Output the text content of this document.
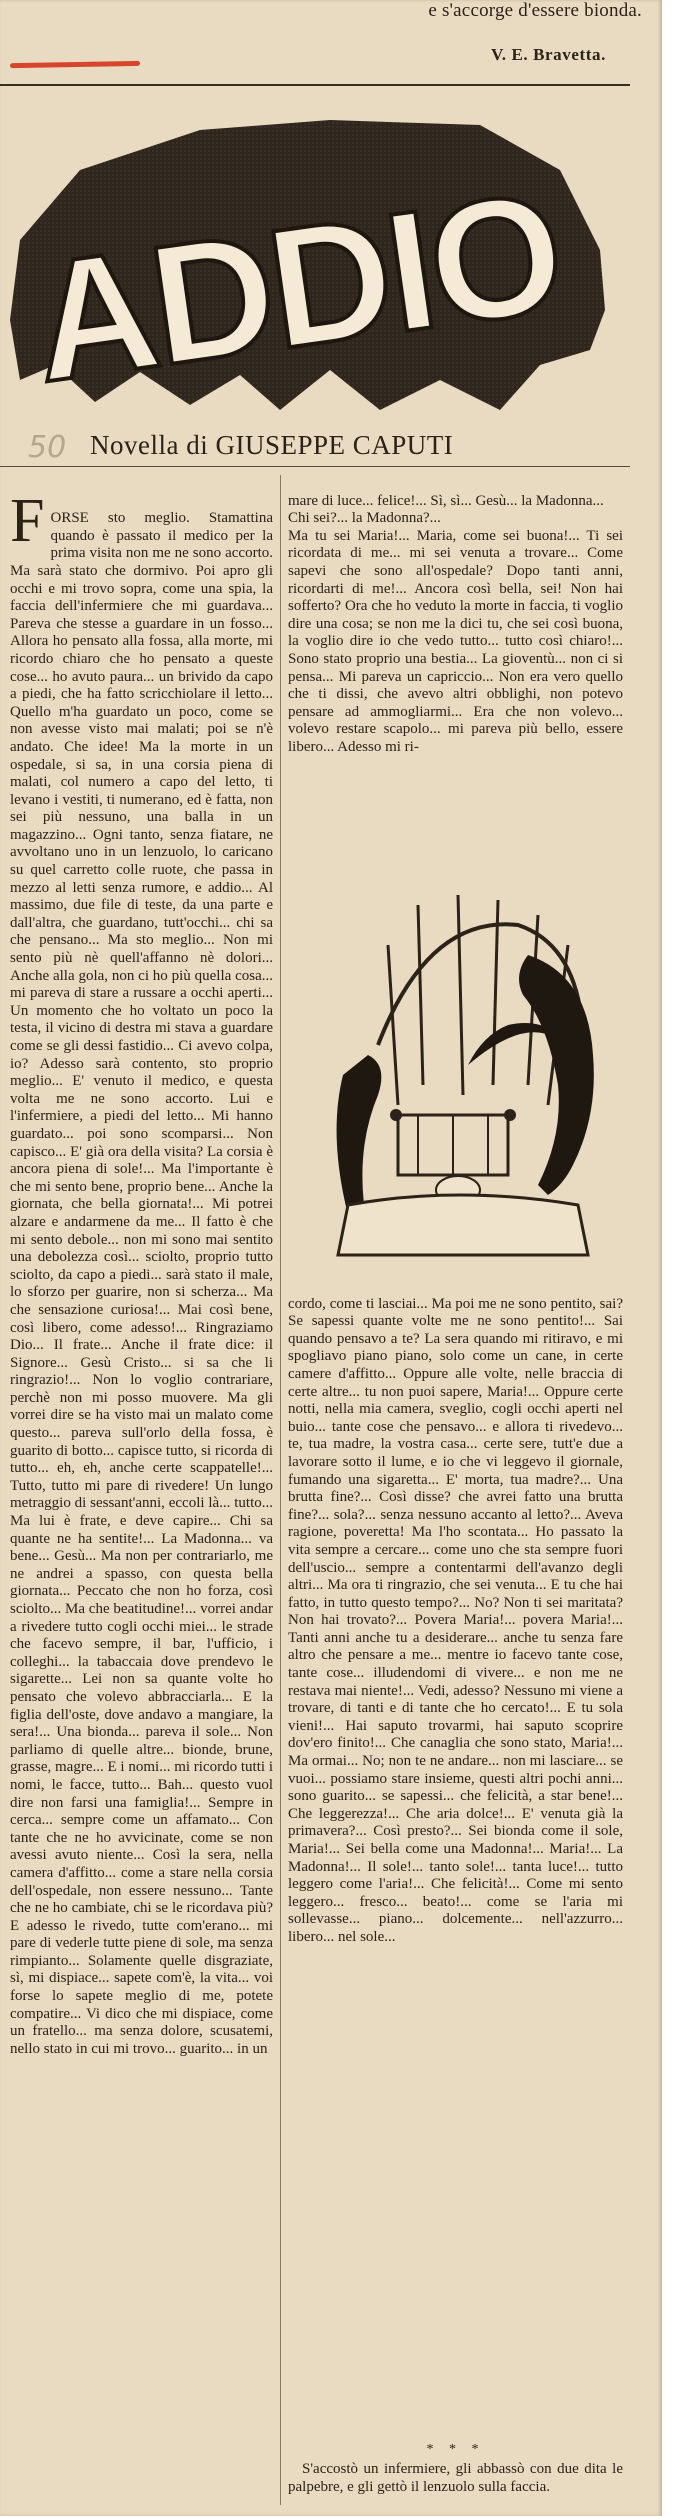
e s'accorge d'essere bionda.
V. E. Bravetta.
ADDIO
50 Novella di GIUSEPPE CAPUTI

F ORSE sto meglio. Stamattina quando è passato il medico per la prima visita non me ne sono accorto. Ma sarà stato che dormivo. Poi apro gli occhi e mi trovo sopra, come una spia, la faccia dell'infermiere che mi guardava... Pareva che stesse a guardare in un fosso... Allora ho pensato alla fossa, alla morte, mi ricordo chiaro che ho pensato a queste cose... ho avuto paura... un brivido da capo a piedi, che ha fatto scricchiolare il letto... Quello m'ha guardato un poco, come se non avesse visto mai malati; poi se n'è andato. Che idee! Ma la morte in un ospedale, si sa, in una corsia piena di malati, col numero a capo del letto, ti levano i vestiti, ti numerano, ed è fatta, non sei più nessuno, una balla in un magazzino... Ogni tanto, senza fiatare, ne avvoltano uno in un lenzuolo, lo caricano su quel carretto colle ruote, che passa in mezzo al letti senza rumore, e addio... Al massimo, due file di teste, da una parte e dall'altra, che guardano, tutt'occhi... chi sa che pensano... Ma sto meglio... Non mi sento più nè quell'affanno nè dolori... Anche alla gola, non ci ho più quella cosa... mi pareva di stare a russare a occhi aperti... Un momento che ho voltato un poco la testa, il vicino di destra mi stava a guardare come se gli dessi fastidio... Ci avevo colpa, io? Adesso sarà contento, sto proprio meglio... E' venuto il medico, e questa volta me ne sono accorto. Lui e l'infermiere, a piedi del letto... Mi hanno guardato... poi sono scomparsi... Non capisco... E' già ora della visita? La corsia è ancora piena di sole!... Ma l'importante è che mi sento bene, proprio bene... Anche la giornata, che bella giornata!... Mi potrei alzare e andarmene da me... Il fatto è che mi sento debole... non mi sono mai sentito una debolezza così... sciolto, proprio tutto sciolto, da capo a piedi... sarà stato il male, lo sforzo per guarire, non si scherza... Ma che sensazione curiosa!... Mai così bene, così libero, come adesso!... Ringraziamo Dio... Il frate... Anche il frate dice: il Signore... Gesù Cristo... si sa che li ringrazio!... Non lo voglio contrariare, perchè non mi posso muovere. Ma gli vorrei dire se ha visto mai un malato come questo... pareva sull'orlo della fossa, è guarito di botto... capisce tutto, si ricorda di tutto... eh, eh, anche certe scappatelle!... Tutto, tutto mi pare di rivedere! Un lungo metraggio di sessant'anni, eccoli là... tutto... Ma lui è frate, e deve capire... Chi sa quante ne ha sentite!... La Madonna... va bene... Gesù... Ma non per contrariarlo, me ne andrei a spasso, con questa bella giornata... Peccato che non ho forza, così sciolto... Ma che beatitudine!... vorrei andar a rivedere tutto cogli occhi miei... le strade che facevo sempre, il bar, l'ufficio, i colleghi... la tabaccaia dove prendevo le sigarette... Lei non sa quante volte ho pensato che volevo abbracciarla... E la figlia dell'oste, dove andavo a mangiare, la sera!... Una bionda... pareva il sole... Non parliamo di quelle altre... bionde, brune, grasse, magre... E i nomi... mi ricordo tutti i nomi, le facce, tutto... Bah... questo vuol dire non farsi una famiglia!... Sempre in cerca... sempre come un affamato... Con tante che ne ho avvicinate, come se non avessi avuto niente... Così la sera, nella camera d'affitto... come a stare nella corsia dell'ospedale, non essere nessuno... Tante che ne ho cambiate, chi se le ricordava più? E adesso le rivedo, tutte com'erano... mi pare di vederle tutte piene di sole, ma senza rimpianto... Solamente quelle disgraziate, sì, mi dispiace... sapete com'è, la vita... voi forse lo sapete meglio di me, potete compatire... Vi dico che mi dispiace, come un fratello... ma senza dolore, scusatemi, nello stato in cui mi trovo... guarito... in un

mare di luce... felice!... Sì, sì... Gesù... la Madonna...
Chi sei?... la Madonna?...
Ma tu sei Maria!... Maria, come sei buona!... Ti sei ricordata di me... mi sei venuta a trovare... Come sapevi che sono all'ospedale? Dopo tanti anni, ricordarti di me!... Ancora così bella, sei! Non hai sofferto? Ora che ho veduto la morte in faccia, ti voglio dire una cosa; se non me la dici tu, che sei così buona, la voglio dire io che vedo tutto... tutto così chiaro!... Sono stato proprio una bestia... La gioventù... non ci si pensa... Mi pareva un capriccio... Non era vero quello che ti dissi, che avevo altri obblighi, non potevo pensare ad ammogliarmi... Era che non volevo... volevo restare scapolo... mi pareva più bello, essere libero... Adesso mi ri-

cordo, come ti lasciai... Ma poi me ne sono pentito, sai? Se sapessi quante volte me ne sono pentito!... Sai quando pensavo a te? La sera quando mi ritiravo, e mi spogliavo piano piano, solo come un cane, in certe camere d'affitto... Oppure alle volte, nelle braccia di certe altre... tu non puoi sapere, Maria!... Oppure certe notti, nella mia camera, sveglio, cogli occhi aperti nel buio... tante cose che pensavo... e allora ti rivedevo... te, tua madre, la vostra casa... certe sere, tutt'e due a lavorare sotto il lume, e io che vi leggevo il giornale, fumando una sigaretta... E' morta, tua madre?... Una brutta fine?... Così disse? che avrei fatto una brutta fine?... sola?... senza nessuno accanto al letto?... Aveva ragione, poveretta! Ma l'ho scontata... Ho passato la vita sempre a cercare... come uno che sta sempre fuori dell'uscio... sempre a contentarmi dell'avanzo degli altri... Ma ora ti ringrazio, che sei venuta... E tu che hai fatto, in tutto questo tempo?... No? Non ti sei maritata? Non hai trovato?... Povera Maria!... povera Maria!... Tanti anni anche tu a desiderare... anche tu senza fare altro che pensare a me... mentre io facevo tante cose, tante cose... illudendomi di vivere... e non me ne restava mai niente!... Vedi, adesso? Nessuno mi viene a trovare, di tanti e di tante che ho cercato!... E tu sola vieni!... Hai saputo trovarmi, hai saputo scoprire dov'ero finito!... Che canaglia che sono stato, Maria!... Ma ormai... No; non te ne andare... non mi lasciare... se vuoi... possiamo stare insieme, questi altri pochi anni... sono guarito... se sapessi... che felicità, a star bene!... Che leggerezza!... Che aria dolce!... E' venuta già la primavera?... Così presto?... Sei bionda come il sole, Maria!... Sei bella come una Madonna!... Maria!... La Madonna!... Il sole!... tanto sole!... tanta luce!... tutto leggero come l'aria!... Che felicità!... Come mi sento leggero... fresco... beato!... come se l'aria mi sollevasse... piano... dolcemente... nell'azzurro... libero... nel sole...

* * *
S'accostò un infermiere, gli abbassò con due dita le palpebre, e gli gettò il lenzuolo sulla faccia.
